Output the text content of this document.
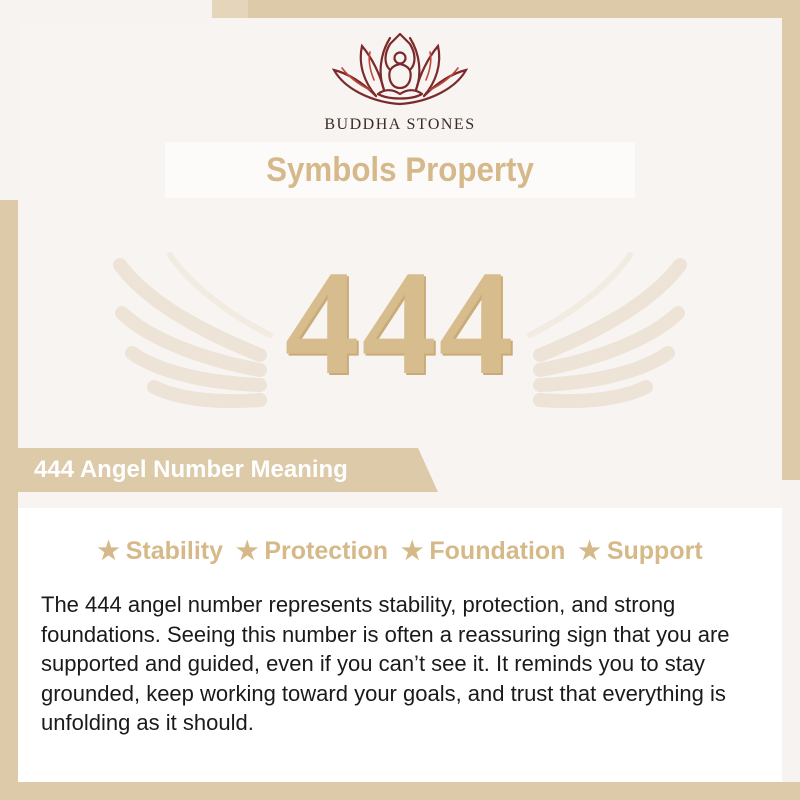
BUDDHA STONES
Symbols Property
444
444 Angel Number Meaning
★ Stability ★ Protection ★ Foundation ★ Support
The 444 angel number represents stability, protection, and strong foundations. Seeing this number is often a reassuring sign that you are supported and guided, even if you can’t see it. It reminds you to stay grounded, keep working toward your goals, and trust that everything is unfolding as it should.
